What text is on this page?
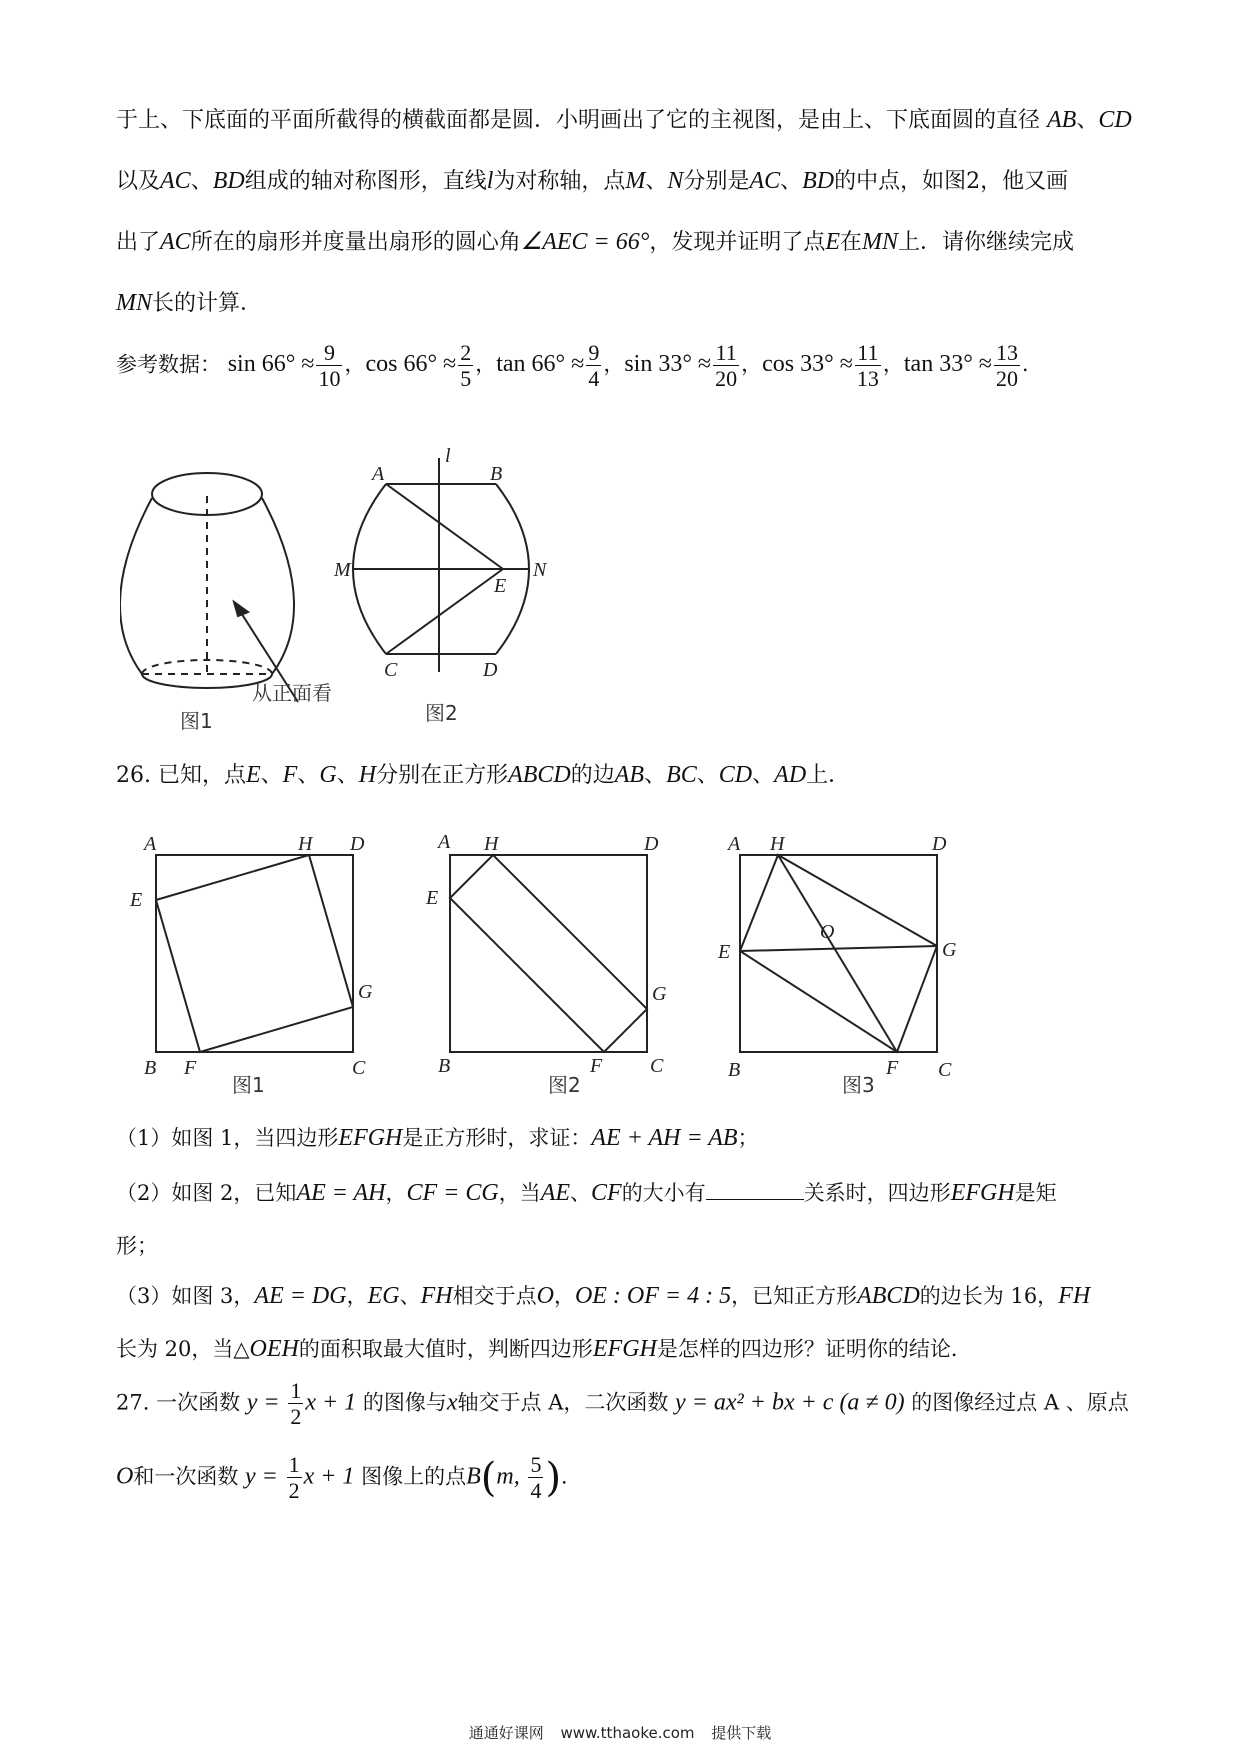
于上、下底面的平面所截得的横截面都是圆．小明画出了它的主视图，是由上、下底面圆的直径 AB、CD
以及AC、BD组成的轴对称图形，直线l为对称轴，点M、N分别是AC、BD的中点，如图2，他又画
出了AC所在的扇形并度量出扇形的圆心角∠AEC = 66°，发现并证明了点E在MN上．请你继续完成
MN长的计算．
参考数据： $\sin 66^\circ \approx \frac{9}{10}$ ，$\cos 66^\circ \approx \frac{2}{5}$ ，$\tan 66^\circ \approx \frac{9}{4}$ ，$\sin 33^\circ \approx \frac{11}{20}$ ，$\cos 33^\circ \approx \frac{11}{13}$ ，$\tan 33^\circ \approx \frac{13}{20}$ ．
从正面看
图1
A	B
l
M	N
E
C	D
图2
26. 已知，点E、F、G、H分别在正方形ABCD的边AB、BC、CD、AD上．
A	H D
E
G
B F	C
图1
A H	D
E
G
B	F C
图2
A H	D
E
O
G
B	F C
图3
（1）如图 1，当四边形EFGH是正方形时，求证：AE + AH = AB；
（2）如图 2，已知AE = AH，CF = CG，当AE、CF的大小有	关系时，四边形EFGH是矩
形；
（3）如图 3，AE = DG，EG、FH相交于点O，OE : OF = 4 : 5，已知正方形ABCD的边长为 16，FH
长为 20，当△OEH的面积取最大值时，判断四边形EFGH是怎样的四边形？证明你的结论．
27. 一次函数 $y = \frac{1}{2}$ x + 1 的图像与x轴交于点 A，二次函数 y = ax² + bx + c (a ≠ 0) 的图像经过点 A 、原点
O和一次函数 $y = \frac{1}{2}$ x + 1 图像上的点B(m, $\frac{5}{4}$ )．
通通好课网 www.tthaoke.com 提供下载
